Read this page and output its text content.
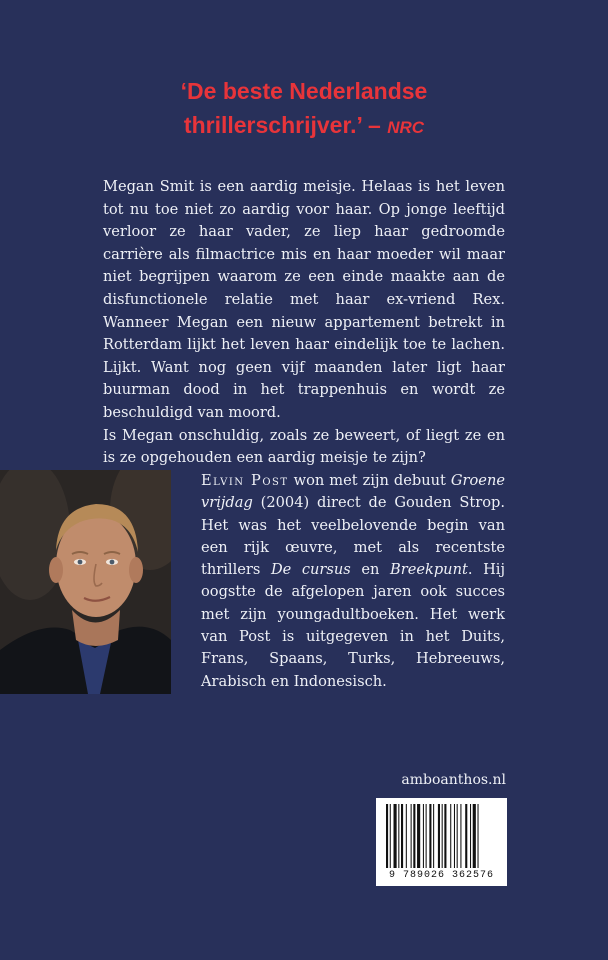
‘De beste Nederlandse
thrillerschrijver.’ – NRC

Megan Smit is een aardig meisje. Helaas is het leven tot nu toe niet zo aardig voor haar. Op jonge leeftijd verloor ze haar vader, ze liep haar gedroomde carrière als filmactrice mis en haar moeder wil maar niet begrijpen waarom ze een einde maakte aan de disfunctionele relatie met haar ex-vriend Rex. Wanneer Megan een nieuw appartement betrekt in Rotterdam lijkt het leven haar eindelijk toe te lachen. Lijkt. Want nog geen vijf maanden later ligt haar buurman dood in het trappenhuis en wordt ze beschuldigd van moord.

Is Megan onschuldig, zoals ze beweert, of liegt ze en is ze opgehouden een aardig meisje te zijn?

Elvin Post won met zijn debuut Groene vrijdag (2004) direct de Gouden Strop. Het was het veelbelovende begin van een rijk œuvre, met als recentste thrillers De cursus en Breekpunt. Hij oogstte de afgelopen jaren ook succes met zijn youngadultboeken. Het werk van Post is uitgegeven in het Duits, Frans, Spaans, Turks, Hebreeuws, Arabisch en Indonesisch.

amboanthos.nl
9 789026 362576
